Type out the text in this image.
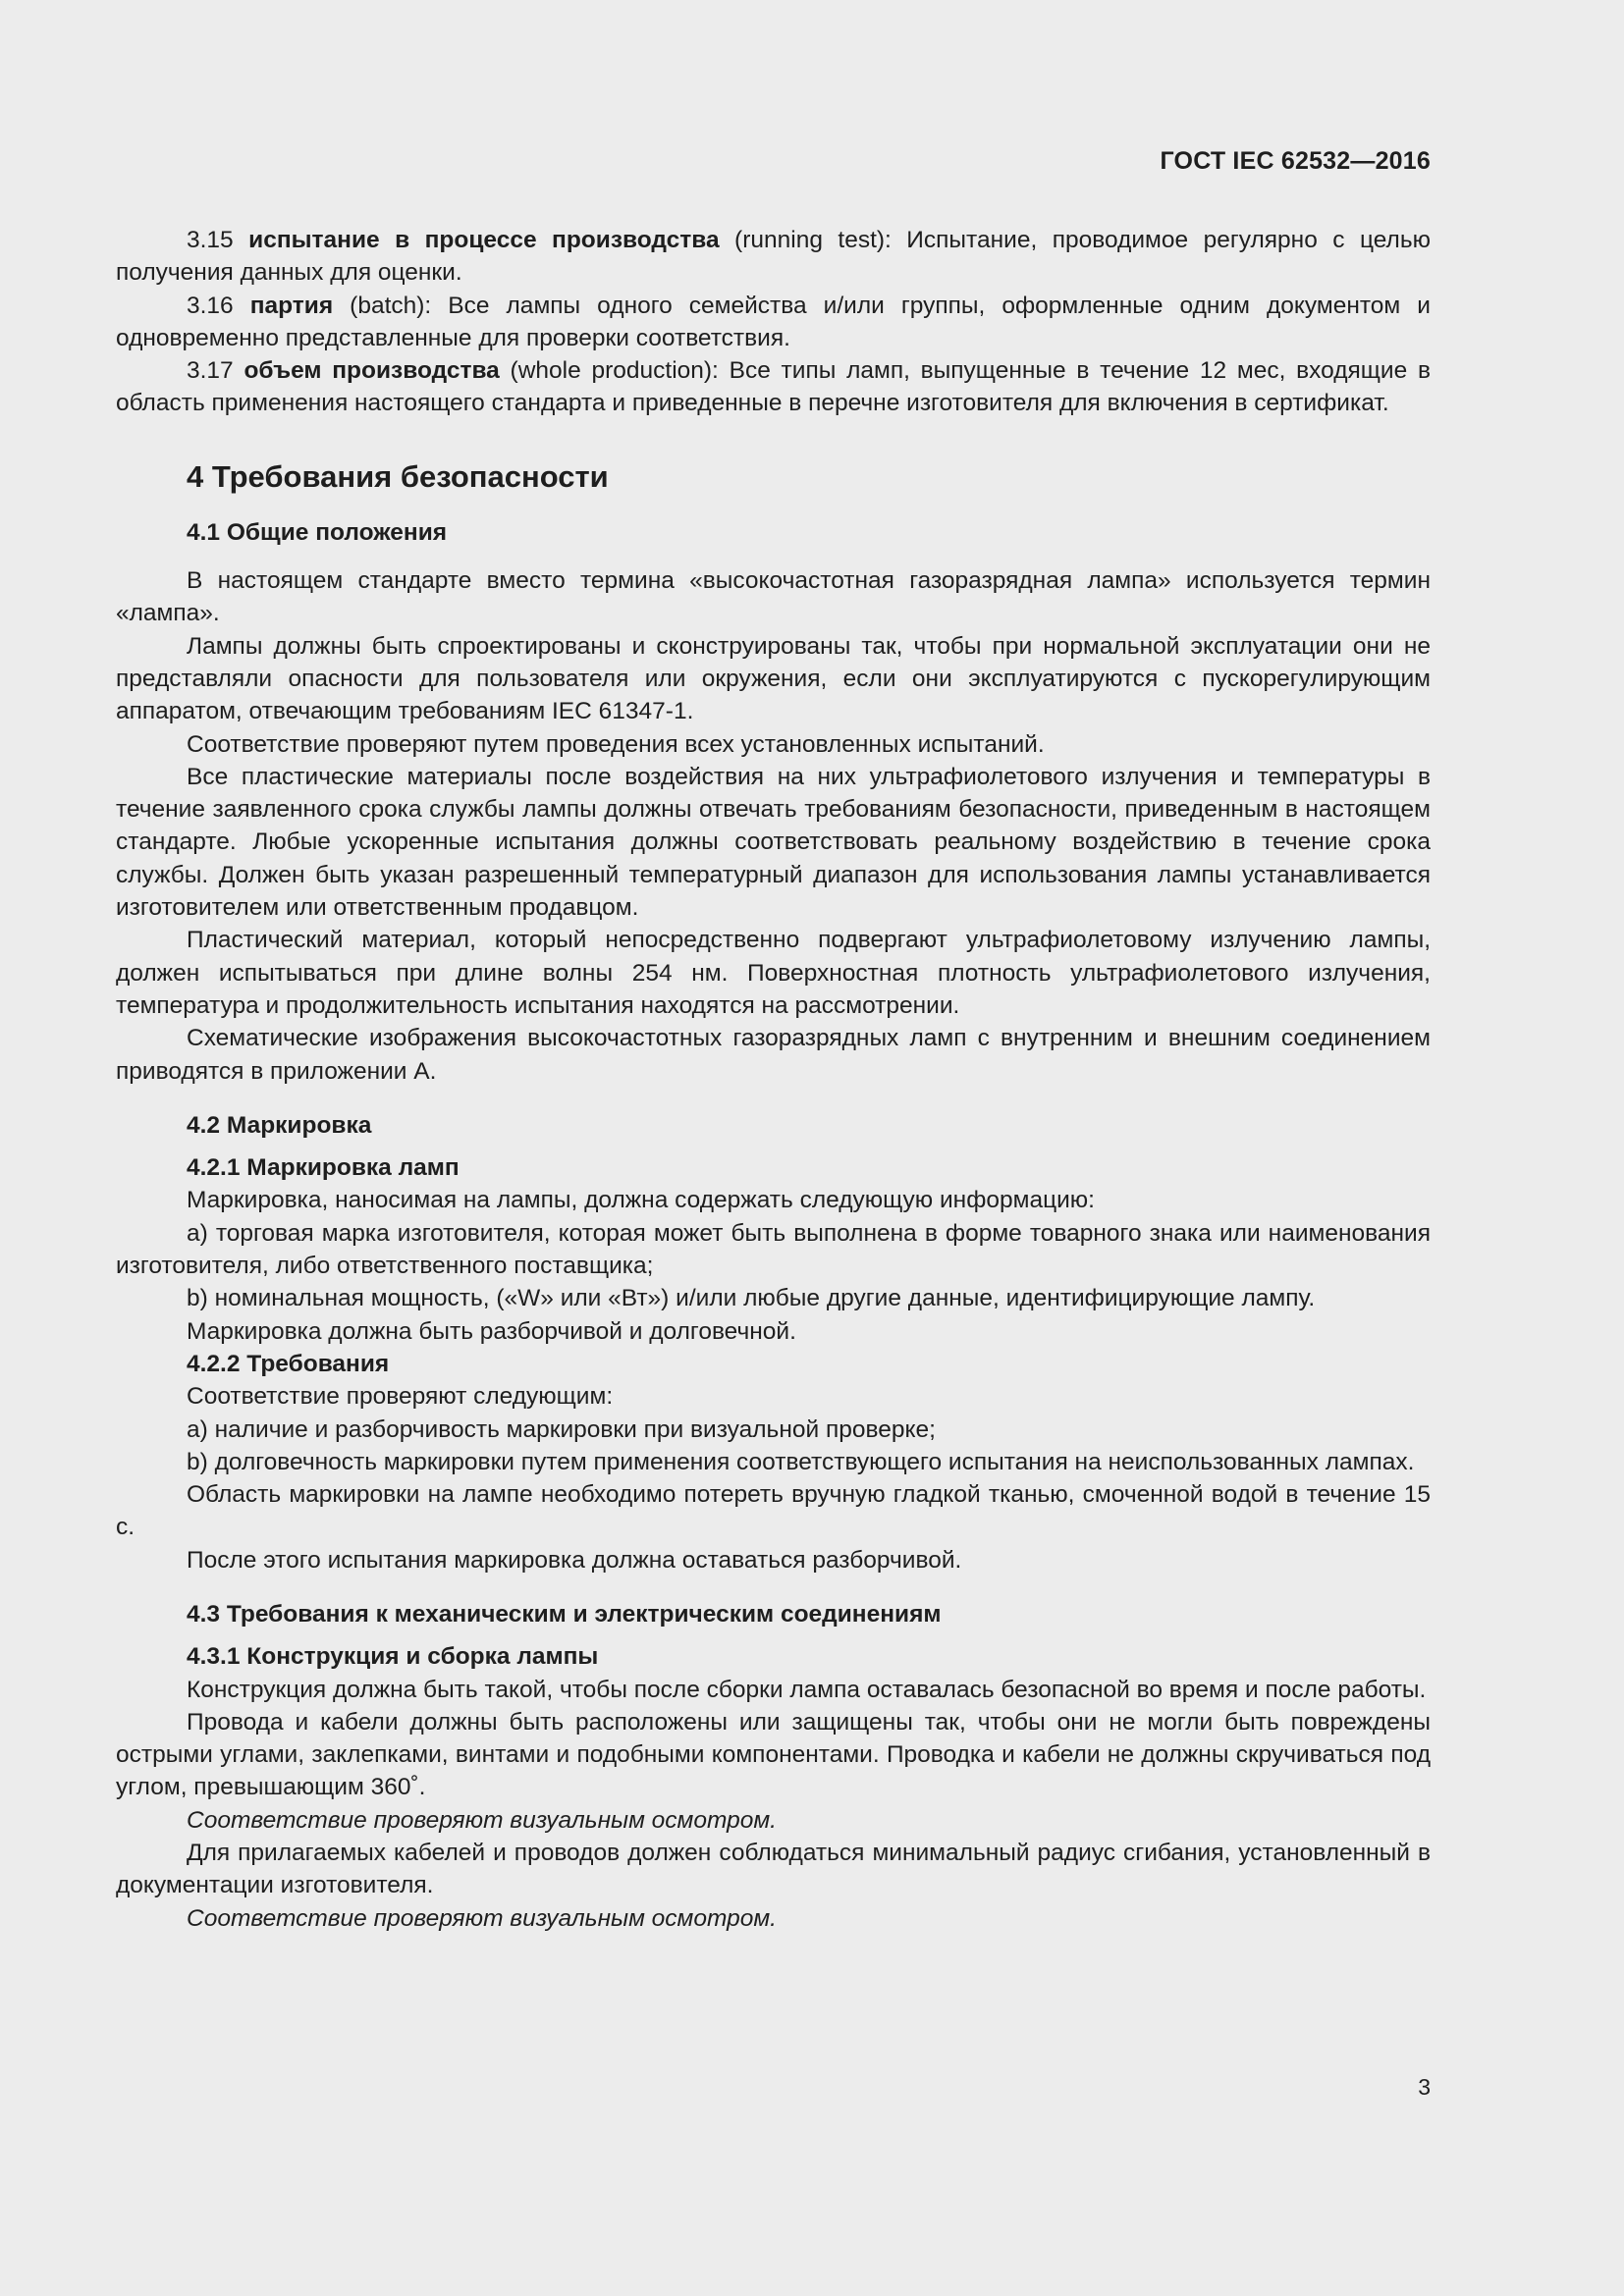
ГОСТ IEC 62532—2016

3.15 испытание в процессе производства (running test): Испытание, проводимое регулярно с целью получения данных для оценки.

3.16 партия (batch): Все лампы одного семейства и/или группы, оформленные одним документом и одновременно представленные для проверки соответствия.

3.17 объем производства (whole production): Все типы ламп, выпущенные в течение 12 мес, входящие в область применения настоящего стандарта и приведенные в перечне изготовителя для включения в сертификат.

4 Требования безопасности
4.1 Общие положения

В настоящем стандарте вместо термина «высокочастотная газоразрядная лампа» используется термин «лампа».

Лампы должны быть спроектированы и сконструированы так, чтобы при нормальной эксплуатации они не представляли опасности для пользователя или окружения, если они эксплуатируются с пускорегулирующим аппаратом, отвечающим требованиям IEC 61347-1.

Соответствие проверяют путем проведения всех установленных испытаний.

Все пластические материалы после воздействия на них ультрафиолетового излучения и температуры в течение заявленного срока службы лампы должны отвечать требованиям безопасности, приведенным в настоящем стандарте. Любые ускоренные испытания должны соответствовать реальному воздействию в течение срока службы. Должен быть указан разрешенный температурный диапазон для использования лампы устанавливается изготовителем или ответственным продавцом.

Пластический материал, который непосредственно подвергают ультрафиолетовому излучению лампы, должен испытываться при длине волны 254 нм. Поверхностная плотность ультрафиолетового излучения, температура и продолжительность испытания находятся на рассмотрении.

Схематические изображения высокочастотных газоразрядных ламп с внутренним и внешним соединением приводятся в приложении А.

4.2 Маркировка
4.2.1 Маркировка ламп

Маркировка, наносимая на лампы, должна содержать следующую информацию:

a) торговая марка изготовителя, которая может быть выполнена в форме товарного знака или наименования изготовителя, либо ответственного поставщика;

b) номинальная мощность, («W» или «Вт») и/или любые другие данные, идентифицирующие лампу.

Маркировка должна быть разборчивой и долговечной.

4.2.2 Требования

Соответствие проверяют следующим:

a) наличие и разборчивость маркировки при визуальной проверке;

b) долговечность маркировки путем применения соответствующего испытания на неиспользованных лампах.

Область маркировки на лампе необходимо потереть вручную гладкой тканью, смоченной водой в течение 15 с.

После этого испытания маркировка должна оставаться разборчивой.

4.3 Требования к механическим и электрическим соединениям
4.3.1 Конструкция и сборка лампы

Конструкция должна быть такой, чтобы после сборки лампа оставалась безопасной во время и после работы.

Провода и кабели должны быть расположены или защищены так, чтобы они не могли быть повреждены острыми углами, заклепками, винтами и подобными компонентами. Проводка и кабели не должны скручиваться под углом, превышающим 360˚.

Соответствие проверяют визуальным осмотром.

Для прилагаемых кабелей и проводов должен соблюдаться минимальный радиус сгибания, установленный в документации изготовителя.

Соответствие проверяют визуальным осмотром.

3
